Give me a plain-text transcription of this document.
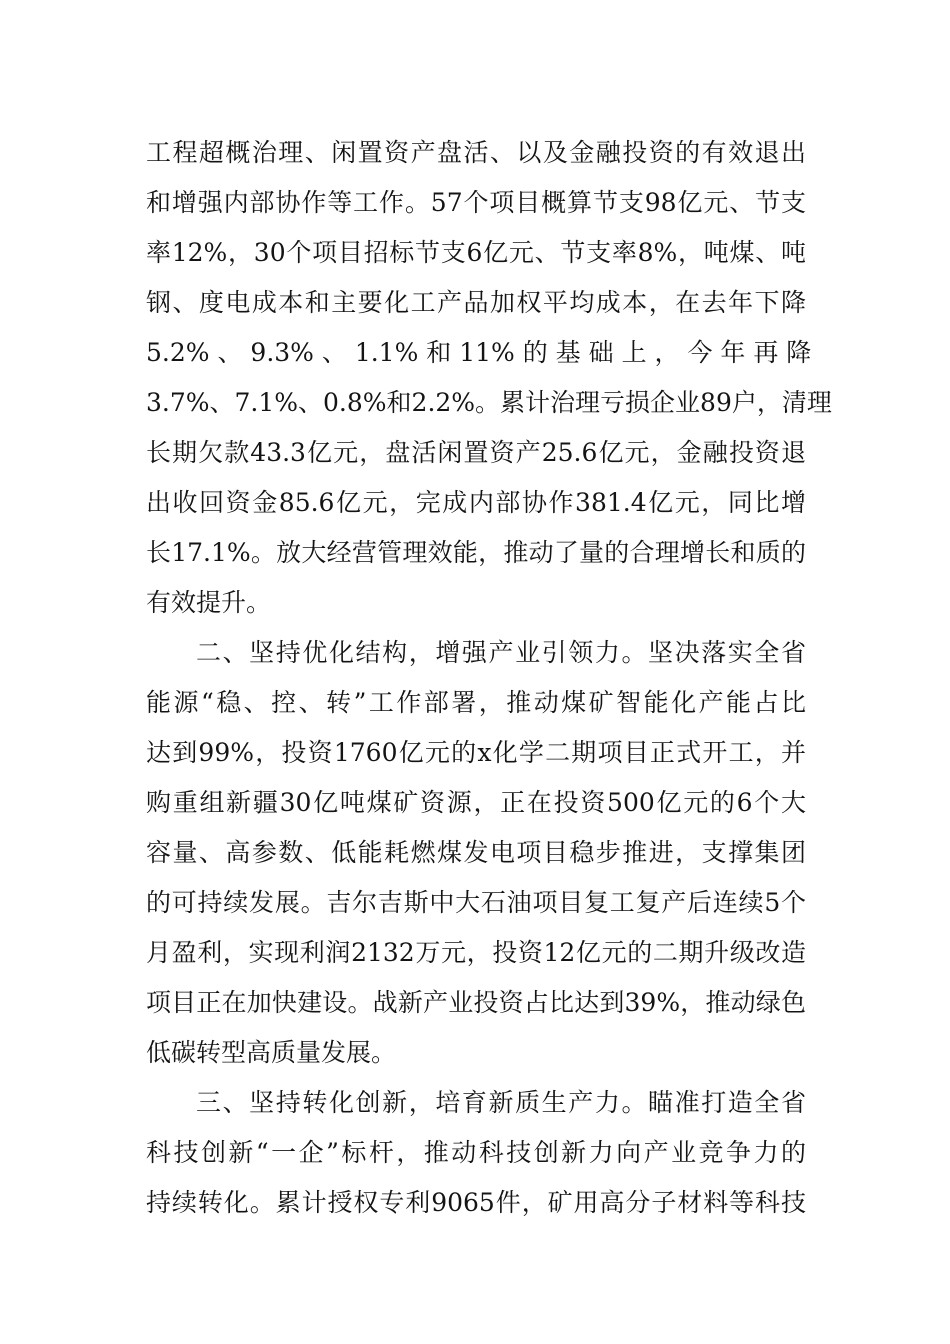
工程超概治理、闲置资产盘活、以及金融投资的有效退出
和增强内部协作等工作。57个项目概算节支98亿元、节支
率12%，30个项目招标节支6亿元、节支率8%，吨煤、吨
钢、度电成本和主要化工产品加权平均成本，在去年下降
5.2% 、 9.3% 、 1.1% 和 11% 的 基 础 上 ， 今 年 再 降
3.7%、7.1%、0.8%和2.2%。累计治理亏损企业89户，清理
长期欠款43.3亿元，盘活闲置资产25.6亿元，金融投资退
出收回资金85.6亿元，完成内部协作381.4亿元，同比增
长17.1%。放大经营管理效能，推动了量的合理增长和质的
有效提升。
二、坚持优化结构，增强产业引领力。坚决落实全省
能源“稳、控、转”工作部署，推动煤矿智能化产能占比
达到99%，投资1760亿元的x化学二期项目正式开工，并
购重组新疆30亿吨煤矿资源，正在投资500亿元的6个大
容量、高参数、低能耗燃煤发电项目稳步推进，支撑集团
的可持续发展。吉尔吉斯中大石油项目复工复产后连续5个
月盈利，实现利润2132万元，投资12亿元的二期升级改造
项目正在加快建设。战新产业投资占比达到39%，推动绿色
低碳转型高质量发展。
三、坚持转化创新，培育新质生产力。瞄准打造全省
科技创新“一企”标杆，推动科技创新力向产业竞争力的
持续转化。累计授权专利9065件，矿用高分子材料等科技
